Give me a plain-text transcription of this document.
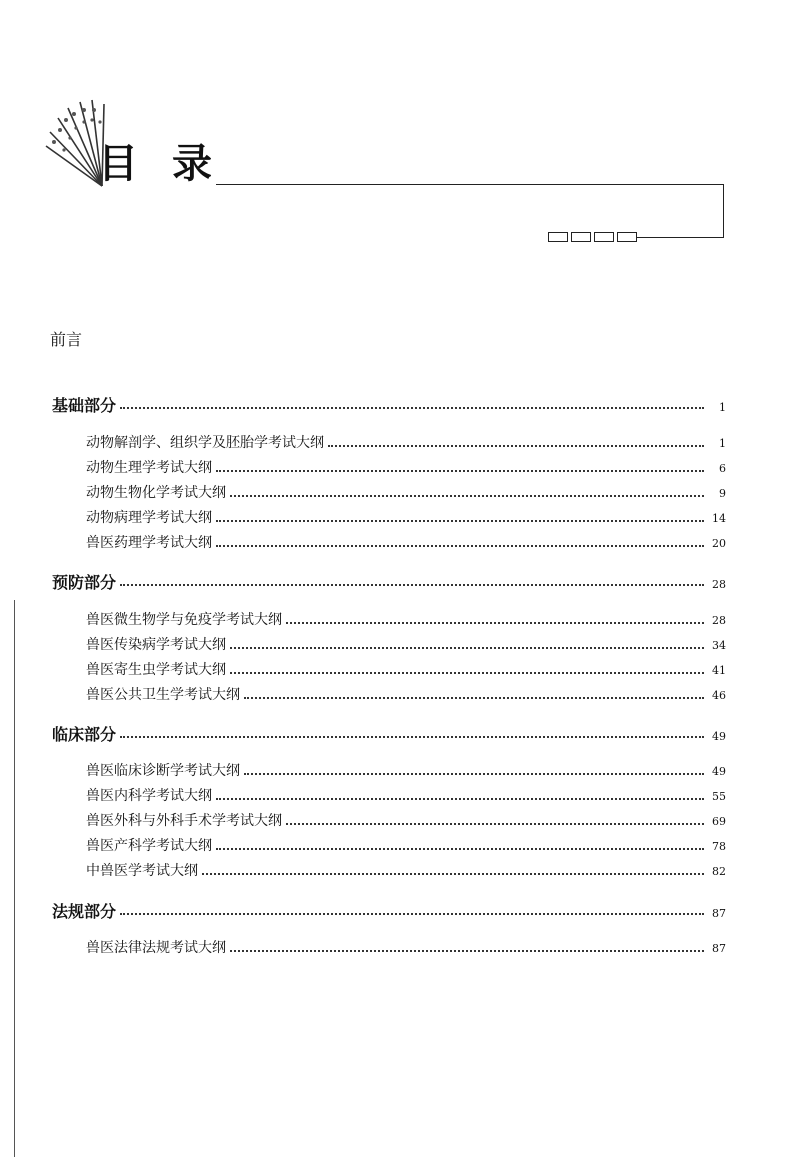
目 录
前言
基础部分	1
动物解剖学、组织学及胚胎学考试大纲	1
动物生理学考试大纲	6
动物生物化学考试大纲	9
动物病理学考试大纲	14
兽医药理学考试大纲	20
预防部分	28
兽医微生物学与免疫学考试大纲	28
兽医传染病学考试大纲	34
兽医寄生虫学考试大纲	41
兽医公共卫生学考试大纲	46
临床部分	49
兽医临床诊断学考试大纲	49
兽医内科学考试大纲	55
兽医外科与外科手术学考试大纲	69
兽医产科学考试大纲	78
中兽医学考试大纲	82
法规部分	87
兽医法律法规考试大纲	87
